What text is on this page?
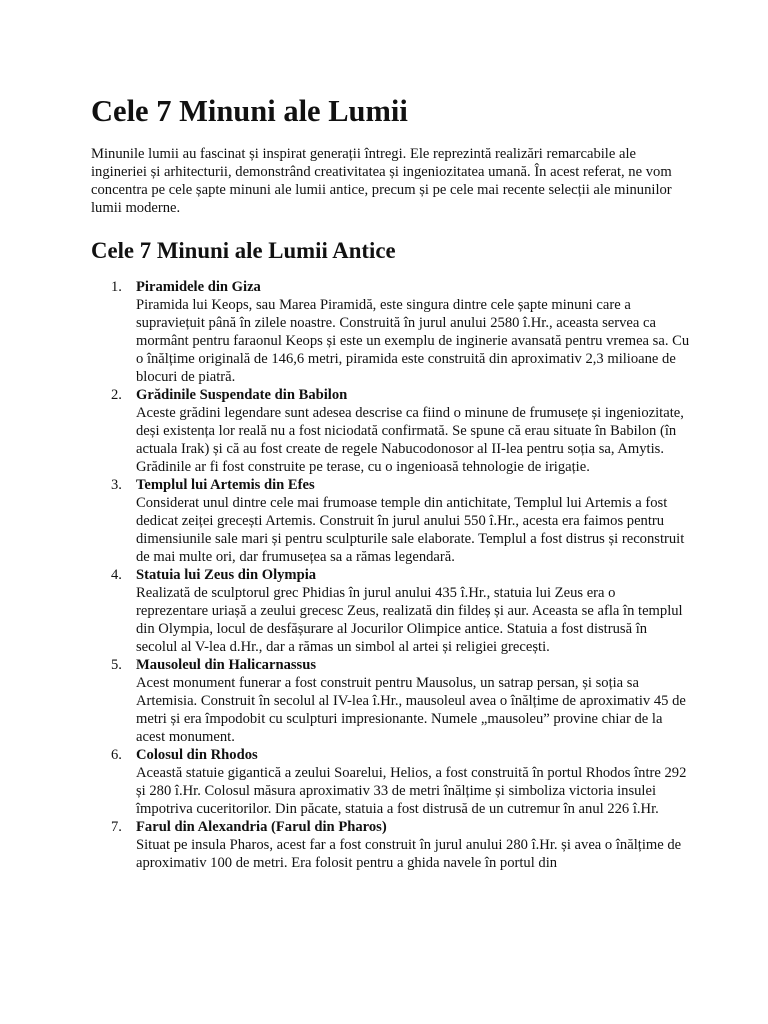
Cele 7 Minuni ale Lumii

Minunile lumii au fascinat și inspirat generații întregi. Ele reprezintă realizări remarcabile ale ingineriei și arhitecturii, demonstrând creativitatea și ingeniozitatea umană. În acest referat, ne vom concentra pe cele șapte minuni ale lumii antice, precum și pe cele mai recente selecții ale minunilor lumii moderne.

Cele 7 Minuni ale Lumii Antice
1. Piramidele din Giza
Piramida lui Keops, sau Marea Piramidă, este singura dintre cele șapte minuni care a supraviețuit până în zilele noastre. Construită în jurul anului 2580 î.Hr., aceasta servea ca mormânt pentru faraonul Keops și este un exemplu de inginerie avansată pentru vremea sa. Cu o înălțime originală de 146,6 metri, piramida este construită din aproximativ 2,3 milioane de blocuri de piatră.
2. Grădinile Suspendate din Babilon
Aceste grădini legendare sunt adesea descrise ca fiind o minune de frumusețe și ingeniozitate, deși existența lor reală nu a fost niciodată confirmată. Se spune că erau situate în Babilon (în actuala Irak) și că au fost create de regele Nabucodonosor al II-lea pentru soția sa, Amytis. Grădinile ar fi fost construite pe terase, cu o ingenioasă tehnologie de irigație.
3. Templul lui Artemis din Efes
Considerat unul dintre cele mai frumoase temple din antichitate, Templul lui Artemis a fost dedicat zeiței grecești Artemis. Construit în jurul anului 550 î.Hr., acesta era faimos pentru dimensiunile sale mari și pentru sculpturile sale elaborate. Templul a fost distrus și reconstruit de mai multe ori, dar frumusețea sa a rămas legendară.
4. Statuia lui Zeus din Olympia
Realizată de sculptorul grec Phidias în jurul anului 435 î.Hr., statuia lui Zeus era o reprezentare uriașă a zeului grecesc Zeus, realizată din fildeș și aur. Aceasta se afla în templul din Olympia, locul de desfășurare al Jocurilor Olimpice antice. Statuia a fost distrusă în secolul al V-lea d.Hr., dar a rămas un simbol al artei și religiei grecești.
5. Mausoleul din Halicarnassus
Acest monument funerar a fost construit pentru Mausolus, un satrap persan, și soția sa Artemisia. Construit în secolul al IV-lea î.Hr., mausoleul avea o înălțime de aproximativ 45 de metri și era împodobit cu sculpturi impresionante. Numele „mausoleu” provine chiar de la acest monument.
6. Colosul din Rhodos
Această statuie gigantică a zeului Soarelui, Helios, a fost construită în portul Rhodos între 292 și 280 î.Hr. Colosul măsura aproximativ 33 de metri înălțime și simboliza victoria insulei împotriva cuceritorilor. Din păcate, statuia a fost distrusă de un cutremur în anul 226 î.Hr.
7. Farul din Alexandria (Farul din Pharos)
Situat pe insula Pharos, acest far a fost construit în jurul anului 280 î.Hr. și avea o înălțime de aproximativ 100 de metri. Era folosit pentru a ghida navele în portul din
